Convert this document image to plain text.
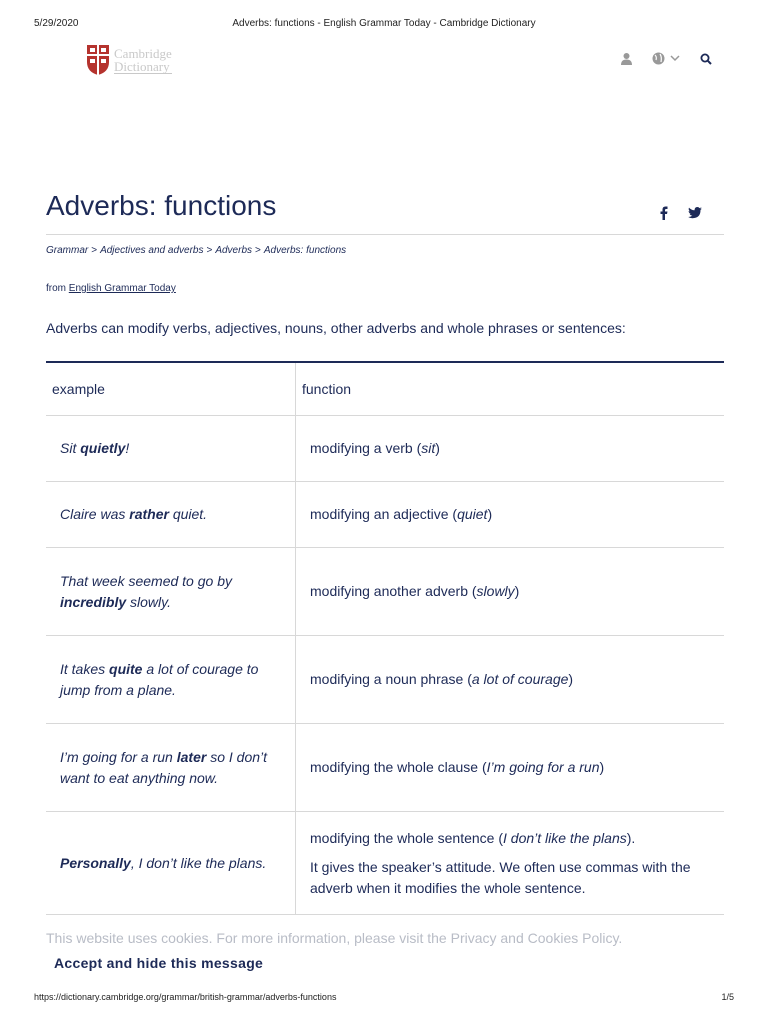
5/29/2020	Adverbs: functions - English Grammar Today - Cambridge Dictionary
Cambridge
Dictionary
Adverbs: functions
Grammar > Adjectives and adverbs > Adverbs > Adverbs: functions
from English Grammar Today

Adverbs can modify verbs, adjectives, nouns, other adverbs and whole phrases or sentences:

example	function
Sit quietly!	modifying a verb (sit)
Claire was rather quiet.	modifying an adjective (quiet)
That week seemed to go by incredibly slowly.	modifying another adverb (slowly)
It takes quite a lot of courage to jump from a plane.	modifying a noun phrase (a lot of courage)
I’m going for a run later so I don’t want to eat anything now.	modifying the whole clause (I’m going for a run)
Personally, I don’t like the plans.	modifying the whole sentence (I don’t like the plans).
It gives the speaker’s attitude. We often use commas with the adverb when it modifies the whole sentence.
This website uses cookies. For more information, please visit the Privacy and Cookies Policy.
Accept and hide this message
https://dictionary.cambridge.org/grammar/british-grammar/adverbs-functions	1/5
